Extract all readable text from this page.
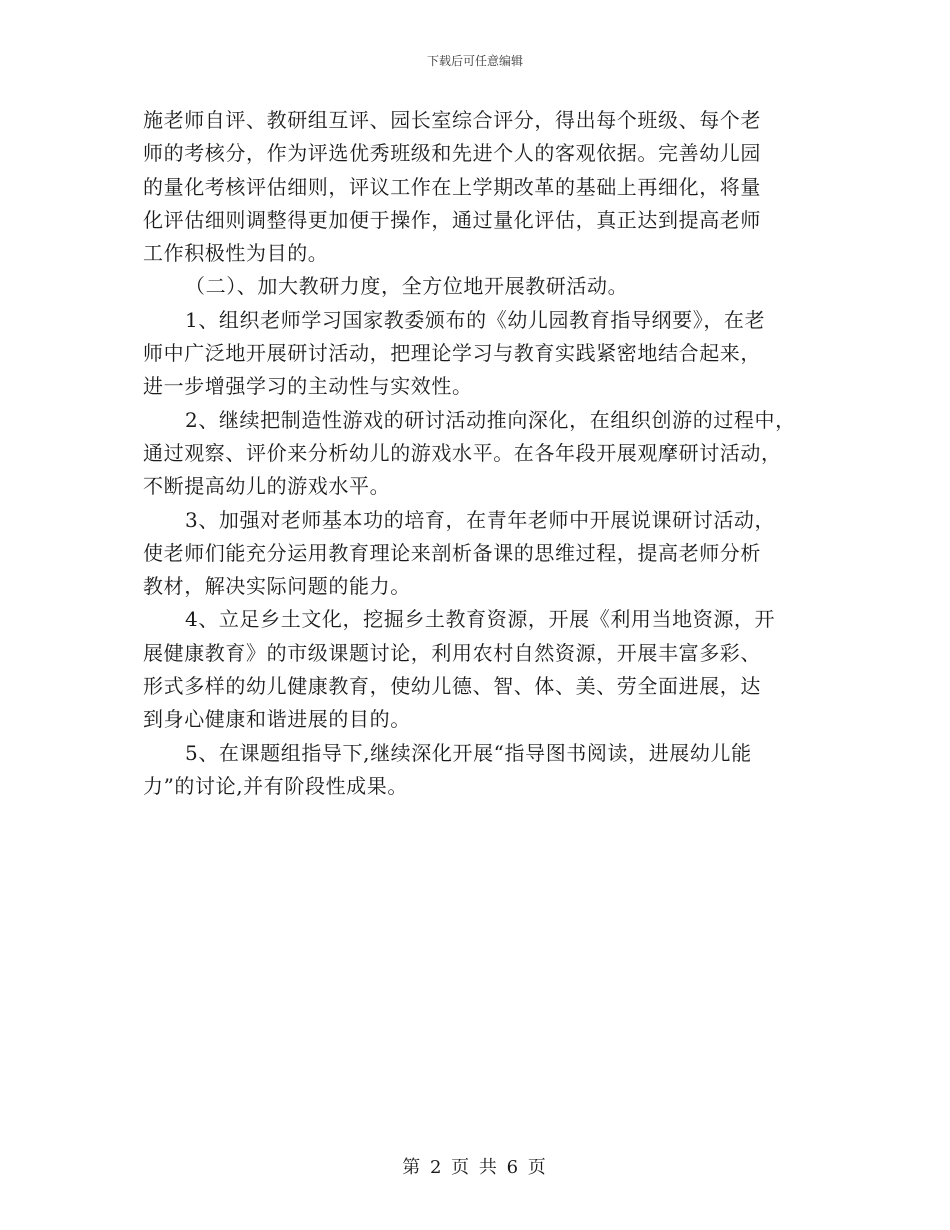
下载后可任意编辑
施老师自评、教研组互评、园长室综合评分，得出每个班级、每个老
师的考核分，作为评选优秀班级和先进个人的客观依据。完善幼儿园
的量化考核评估细则，评议工作在上学期改革的基础上再细化，将量
化评估细则调整得更加便于操作，通过量化评估，真正达到提高老师
工作积极性为目的。
（二）、加大教研力度，全方位地开展教研活动。
1、组织老师学习国家教委颁布的《幼儿园教育指导纲要》，在老
师中广泛地开展研讨活动，把理论学习与教育实践紧密地结合起来，
进一步增强学习的主动性与实效性。
2、继续把制造性游戏的研讨活动推向深化，在组织创游的过程中，
通过观察、评价来分析幼儿的游戏水平。在各年段开展观摩研讨活动，
不断提高幼儿的游戏水平。
3、加强对老师基本功的培育，在青年老师中开展说课研讨活动，
使老师们能充分运用教育理论来剖析备课的思维过程，提高老师分析
教材，解决实际问题的能力。
4、立足乡土文化，挖掘乡土教育资源，开展《利用当地资源，开
展健康教育》的市级课题讨论，利用农村自然资源，开展丰富多彩、
形式多样的幼儿健康教育，使幼儿德、智、体、美、劳全面进展，达
到身心健康和谐进展的目的。
5、在课题组指导下,继续深化开展“指导图书阅读，进展幼儿能
力”的讨论,并有阶段性成果。
第 2 页 共 6 页
